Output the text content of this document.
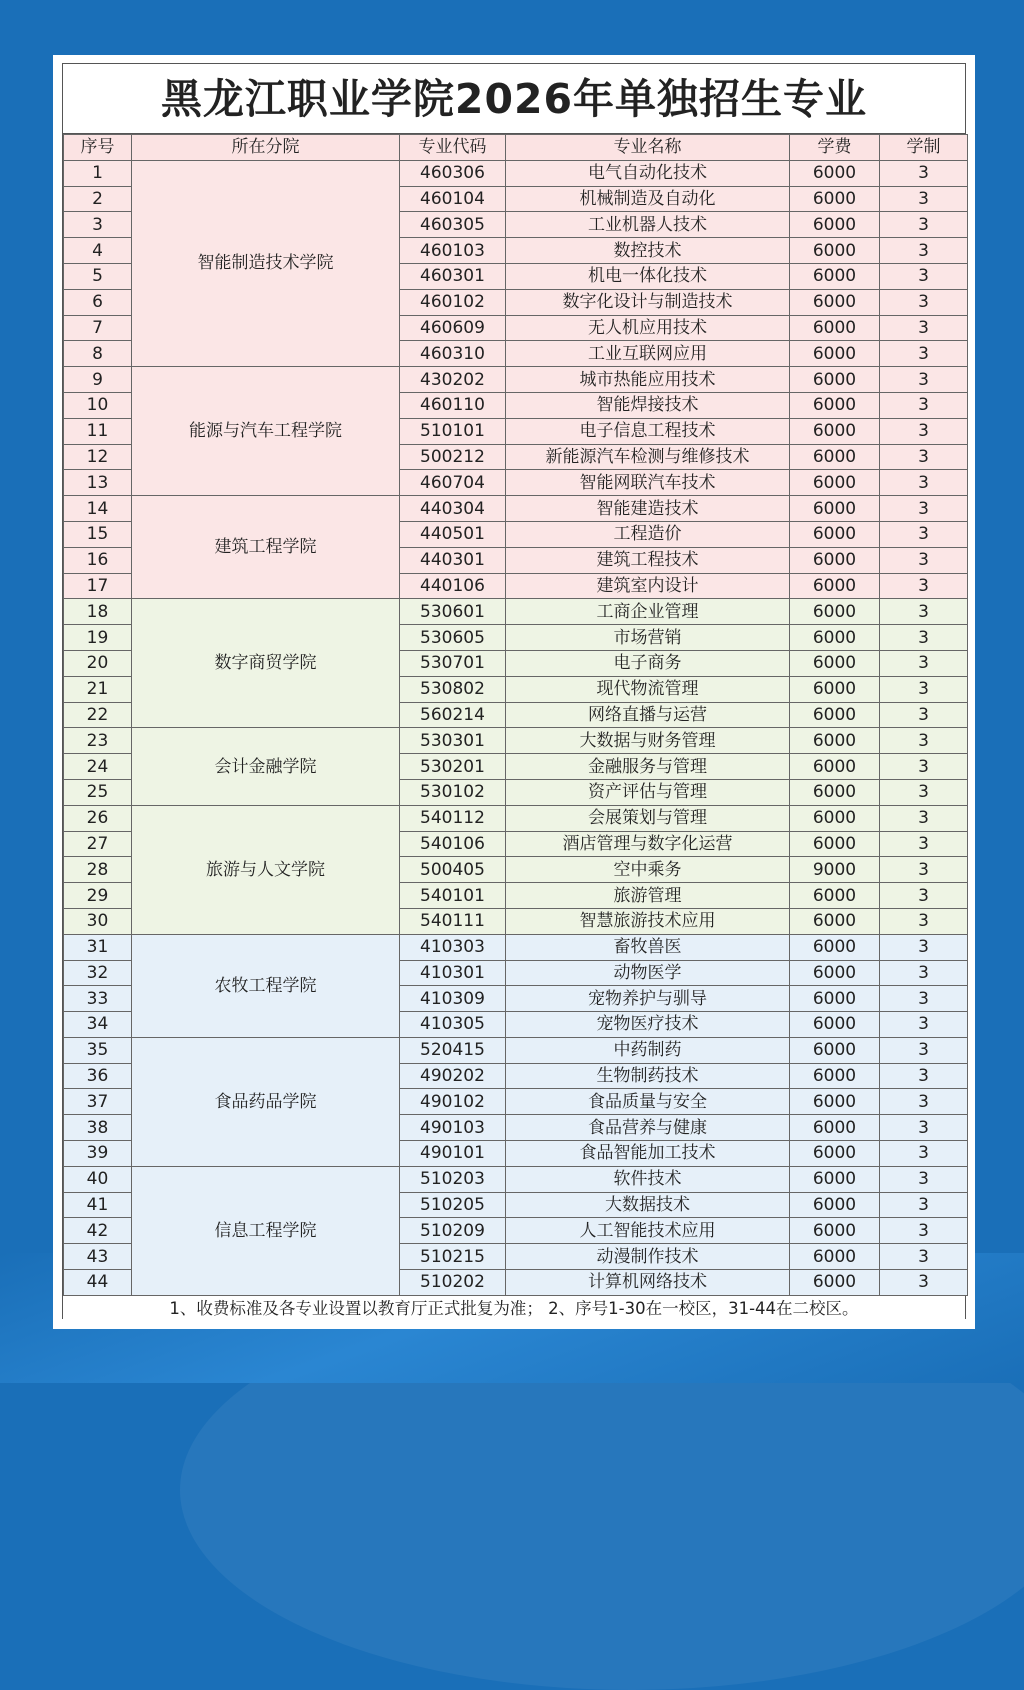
黑龙江职业学院2026年单独招生专业
序号	所在分院	专业代码	专业名称	学费	学制
1	智能制造技术学院	460306	电气自动化技术	6000	3
2		460104	机械制造及自动化	6000	3
3		460305	工业机器人技术	6000	3
4		460103	数控技术	6000	3
5		460301	机电一体化技术	6000	3
6		460102	数字化设计与制造技术	6000	3
7		460609	无人机应用技术	6000	3
8		460310	工业互联网应用	6000	3
9	能源与汽车工程学院	430202	城市热能应用技术	6000	3
10		460110	智能焊接技术	6000	3
11		510101	电子信息工程技术	6000	3
12		500212	新能源汽车检测与维修技术	6000	3
13		460704	智能网联汽车技术	6000	3
14	建筑工程学院	440304	智能建造技术	6000	3
15		440501	工程造价	6000	3
16		440301	建筑工程技术	6000	3
17		440106	建筑室内设计	6000	3
18	数字商贸学院	530601	工商企业管理	6000	3
19		530605	市场营销	6000	3
20		530701	电子商务	6000	3
21		530802	现代物流管理	6000	3
22		560214	网络直播与运营	6000	3
23	会计金融学院	530301	大数据与财务管理	6000	3
24		530201	金融服务与管理	6000	3
25		530102	资产评估与管理	6000	3
26	旅游与人文学院	540112	会展策划与管理	6000	3
27		540106	酒店管理与数字化运营	6000	3
28		500405	空中乘务	9000	3
29		540101	旅游管理	6000	3
30		540111	智慧旅游技术应用	6000	3
31	农牧工程学院	410303	畜牧兽医	6000	3
32		410301	动物医学	6000	3
33		410309	宠物养护与驯导	6000	3
34		410305	宠物医疗技术	6000	3
35	食品药品学院	520415	中药制药	6000	3
36		490202	生物制药技术	6000	3
37		490102	食品质量与安全	6000	3
38		490103	食品营养与健康	6000	3
39		490101	食品智能加工技术	6000	3
40	信息工程学院	510203	软件技术	6000	3
41		510205	大数据技术	6000	3
42		510209	人工智能技术应用	6000	3
43		510215	动漫制作技术	6000	3
44		510202	计算机网络技术	6000	3
1、收费标准及各专业设置以教育厅正式批复为准； 2、序号1-30在一校区，31-44在二校区。
